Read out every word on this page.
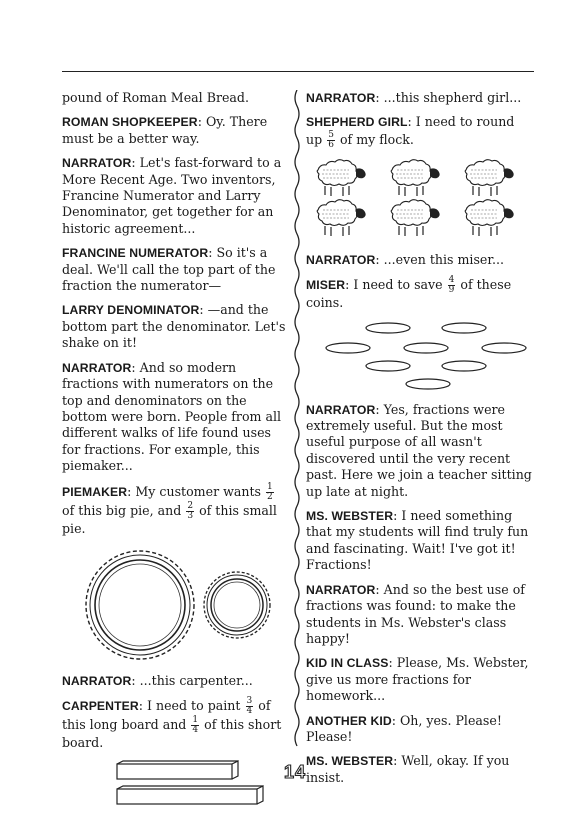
pound of Roman Meal Bread.

ROMAN SHOPKEEPER: Oy. There must be a better way.

NARRATOR: Let's fast-forward to a More Recent Age. Two inventors, Francine Numerator and Larry Denominator, get together for an historic agreement...

FRANCINE NUMERATOR: So it's a deal. We'll call the top part of the fraction the numerator—

LARRY DENOMINATOR: —and the bottom part the denominator. Let's shake on it!

NARRATOR: And so modern fractions with numerators on the top and denominators on the bottom were born. People from all different walks of life found uses for fractions. For example, this piemaker...

PIEMAKER: My customer wants $\frac{1}{2}$
of this big pie, and $\frac{2}{3}$ of this small pie.

NARRATOR: ...this carpenter...

CARPENTER: I need to paint $\frac{3}{4}$ of this long board and $\frac{1}{4}$ of this short board.

NARRATOR: ...this shepherd girl...

SHEPHERD GIRL: I need to round up $\frac{5}{6}$ of my flock.

NARRATOR: ...even this miser...

MISER: I need to save $\frac{4}{9}$ of these coins.

NARRATOR: Yes, fractions were extremely useful. But the most useful purpose of all wasn't discovered until the very recent past. Here we join a teacher sitting up late at night.

MS. WEBSTER: I need something that my students will find truly fun and fascinating. Wait! I've got it! Fractions!

NARRATOR: And so the best use of fractions was found: to make the students in Ms. Webster's class happy!

KID IN CLASS: Please, Ms. Webster, give us more fractions for homework...

ANOTHER KID: Oh, yes. Please! Please!

MS. WEBSTER: Well, okay. If you insist.

14
